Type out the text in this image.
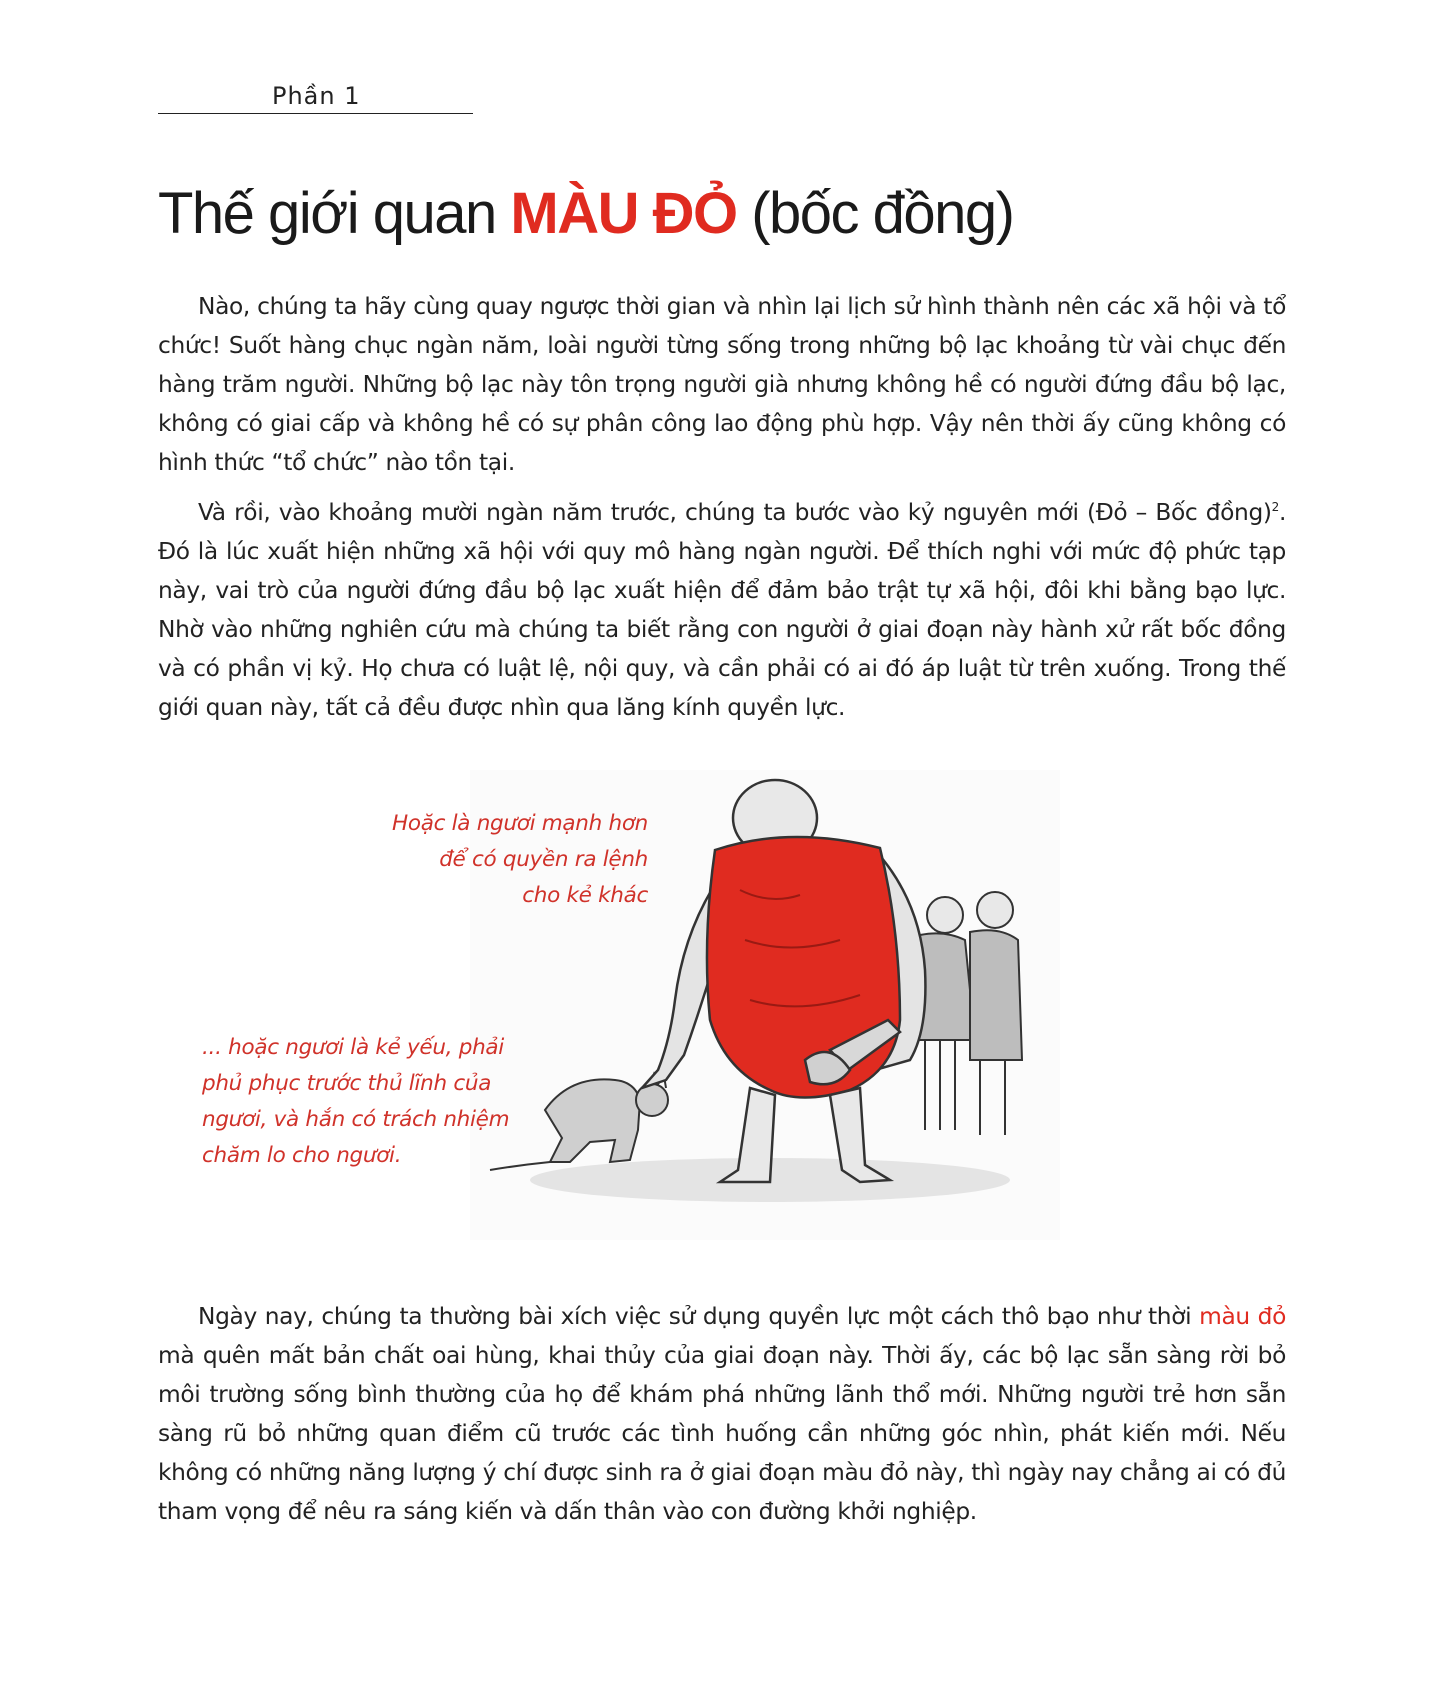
Phần 1
Thế giới quan MÀU ĐỎ (bốc đồng)

Nào, chúng ta hãy cùng quay ngược thời gian và nhìn lại lịch sử hình thành nên các xã hội và tổ chức! Suốt hàng chục ngàn năm, loài người từng sống trong những bộ lạc khoảng từ vài chục đến hàng trăm người. Những bộ lạc này tôn trọng người già nhưng không hề có người đứng đầu bộ lạc, không có giai cấp và không hề có sự phân công lao động phù hợp. Vậy nên thời ấy cũng không có hình thức “tổ chức” nào tồn tại.

Và rồi, vào khoảng mười ngàn năm trước, chúng ta bước vào kỷ nguyên mới (Đỏ – Bốc đồng)$^2$. Đó là lúc xuất hiện những xã hội với quy mô hàng ngàn người. Để thích nghi với mức độ phức tạp này, vai trò của người đứng đầu bộ lạc xuất hiện để đảm bảo trật tự xã hội, đôi khi bằng bạo lực. Nhờ vào những nghiên cứu mà chúng ta biết rằng con người ở giai đoạn này hành xử rất bốc đồng và có phần vị kỷ. Họ chưa có luật lệ, nội quy, và cần phải có ai đó áp luật từ trên xuống. Trong thế giới quan này, tất cả đều được nhìn qua lăng kính quyền lực.

Hoặc là ngươi mạnh hơn
để có quyền ra lệnh
cho kẻ khác
... hoặc ngươi là kẻ yếu, phải
phủ phục trước thủ lĩnh của
ngươi, và hắn có trách nhiệm
chăm lo cho ngươi.

Ngày nay, chúng ta thường bài xích việc sử dụng quyền lực một cách thô bạo như thời màu đỏ mà quên mất bản chất oai hùng, khai thủy của giai đoạn này. Thời ấy, các bộ lạc sẵn sàng rời bỏ môi trường sống bình thường của họ để khám phá những lãnh thổ mới. Những người trẻ hơn sẵn sàng rũ bỏ những quan điểm cũ trước các tình huống cần những góc nhìn, phát kiến mới. Nếu không có những năng lượng ý chí được sinh ra ở giai đoạn màu đỏ này, thì ngày nay chẳng ai có đủ tham vọng để nêu ra sáng kiến và dấn thân vào con đường khởi nghiệp.
